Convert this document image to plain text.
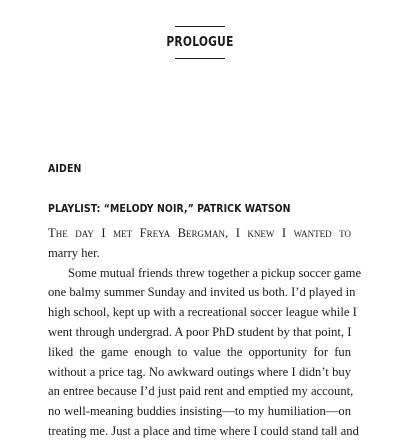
PROLOGUE
AIDEN
PLAYLIST: “MELODY NOIR,” PATRICK WATSON

The day I met Freya Bergman, I knew I wanted to

marry her.

Some mutual friends threw together a pickup soccer game

one balmy summer Sunday and invited us both. I’d played in

high school, kept up with a recreational soccer league while I

went through undergrad. A poor PhD student by that point, I

liked the game enough to value the opportunity for fun

without a price tag. No awkward outings where I didn’t buy

an entree because I’d just paid rent and emptied my account,

no well-meaning buddies insisting—to my humiliation—on

treating me. Just a place and time where I could stand tall and
